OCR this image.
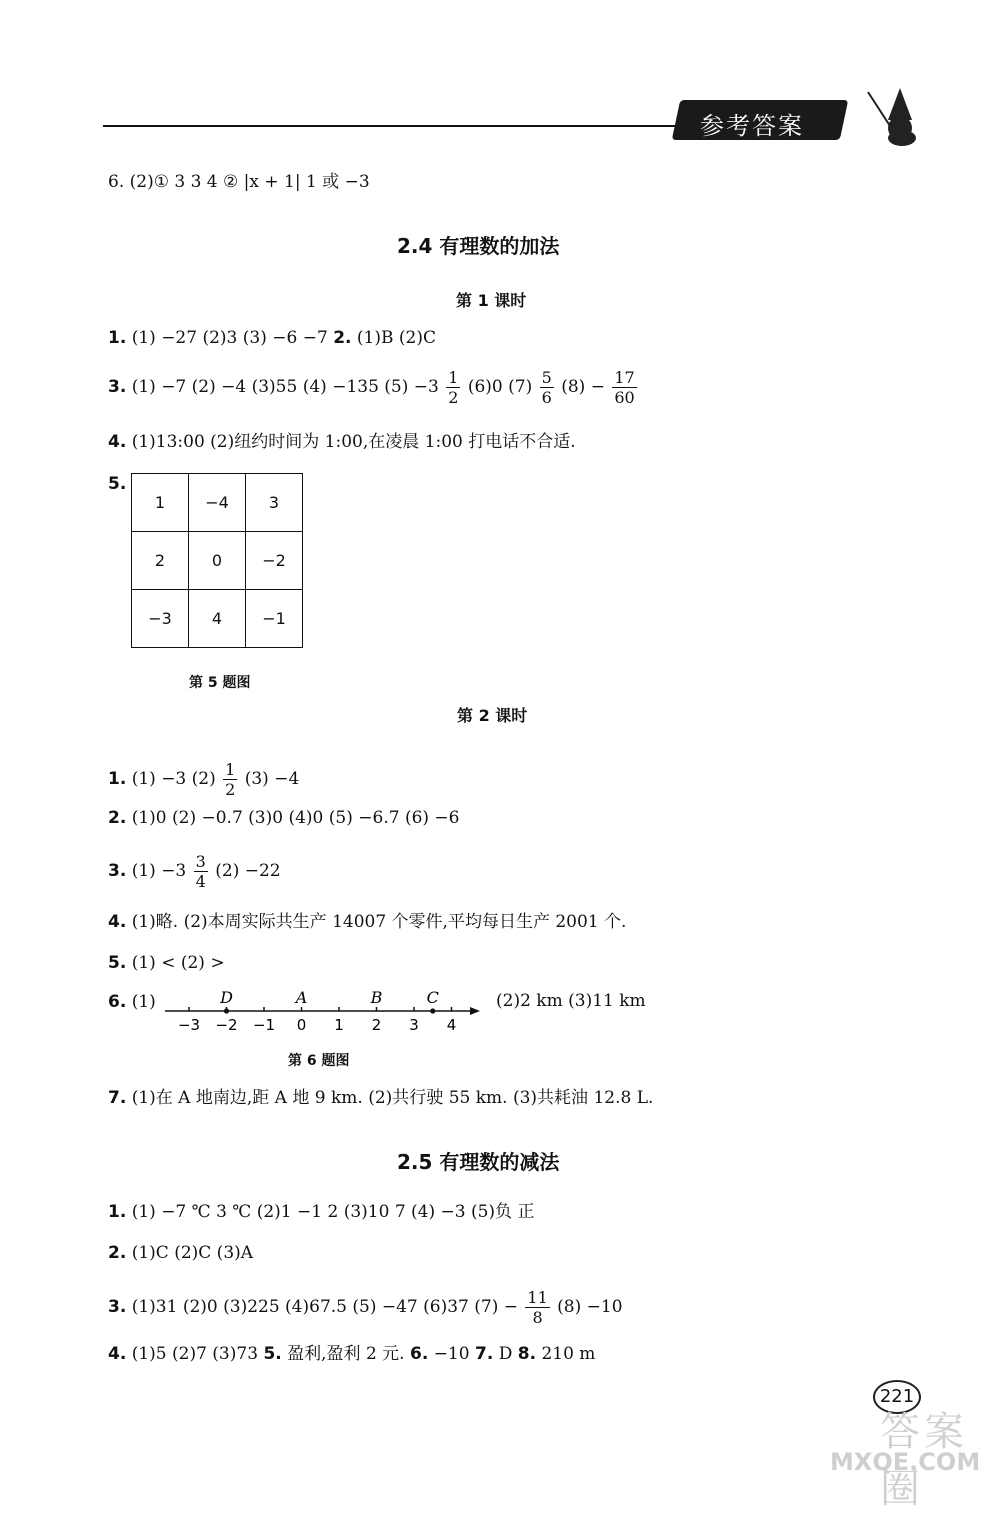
参考答案
6. (2)① 3 3 4 ② |x + 1| 1 或 −3
2.4 有理数的加法
第 1 课时
1. (1) −27 (2)3 (3) −6 −7 2. (1)B (2)C
3. (1) −7 (2) −4 (3)55 (4) −135 $(5) -3 \frac{1}{2} (6)0$ $(7) \frac{5}{6} (8) - \frac{17}{60}$
4. (1)13:00 (2)纽约时间为 1:00,在凌晨 1:00 打电话不合适.
5.
1	−4	3
2	0	−2
−3	4	−1
第 5 题图
第 2 课时
1. (1) −3 $(2) \frac{1}{2} (3) -4$
2. (1)0 (2) −0.7 (3)0 (4)0 (5) −6.7 (6) −6
3. $(1) -3 \frac{3}{4} (2) -22$
4. (1)略. (2)本周实际共生产 14007 个零件,平均每日生产 2001 个.
5. (1) < (2) >
6. (1)
−3 −2 −1 0 1 2 3 4
D	A	B	C	(2)2 km (3)11 km
第 6 题图
7. (1)在 A 地南边,距 A 地 9 km. (2)共行驶 55 km. (3)共耗油 12.8 L.
2.5 有理数的减法
1. (1) −7 ℃ 3 ℃ (2)1 −1 2 (3)10 7 (4) −3 (5)负 正
2. (1)C (2)C (3)A
3. (1)31 (2)0 (3)225 (4)67.5 (5) −47 (6)37 $(7) - \frac{11}{8} (8) -10$
4. (1)5 (2)7 (3)73 5. 盈利,盈利 2 元. 6. −10 7. D 8. 210 m
221
答案圈
MXQE.COM
